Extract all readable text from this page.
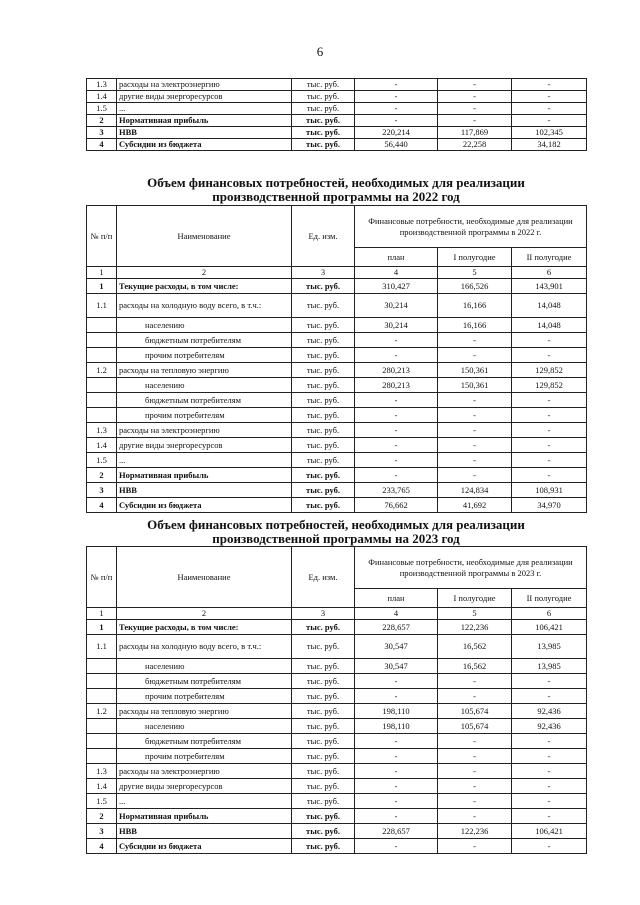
6
1.3	расходы на электроэнергию	тыс. руб.	-	-	-
1.4	другие виды энергоресурсов	тыс. руб.	-	-	-
1.5	...	тыс. руб.	-	-	-
2	Нормативная прибыль	тыс. руб.	-	-	-
3	НВВ	тыс. руб.	220,214	117,869	102,345
4	Субсидии из бюджета	тыс. руб.	56,440	22,258	34,182
Объем финансовых потребностей, необходимых для реализации
производственной программы на 2022 год
№ п/п	Наименование	Ед. изм.	Финансовые потребности, необходимые для реализации производственной программы в 2022 г.		
			план	I полугодие	II полугодие
1	2	3	4	5	6
1	Текущие расходы, в том числе:	тыс. руб.	310,427	166,526	143,901
1.1	расходы на холодную воду всего, в т.ч.:	тыс. руб.	30,214	16,166	14,048
	населению	тыс. руб.	30,214	16,166	14,048
	бюджетным потребителям	тыс. руб.	-	-	-
	прочим потребителям	тыс. руб.	-	-	-
1.2	расходы на тепловую энергию	тыс. руб.	280,213	150,361	129,852
	населению	тыс. руб.	280,213	150,361	129,852
	бюджетным потребителям	тыс. руб.	-	-	-
	прочим потребителям	тыс. руб.	-	-	-
1.3	расходы на электроэнергию	тыс. руб.	-	-	-
1.4	другие виды энергоресурсов	тыс. руб.	-	-	-
1.5	...	тыс. руб.	-	-	-
2	Нормативная прибыль	тыс. руб.	-	-	-
3	НВВ	тыс. руб.	233,765	124,834	108,931
4	Субсидии из бюджета	тыс. руб.	76,662	41,692	34,970
Объем финансовых потребностей, необходимых для реализации
производственной программы на 2023 год
№ п/п	Наименование	Ед. изм.	Финансовые потребности, необходимые для реализации производственной программы в 2023 г.		
			план	I полугодие	II полугодие
1	2	3	4	5	6
1	Текущие расходы, в том числе:	тыс. руб.	228,657	122,236	106,421
1.1	расходы на холодную воду всего, в т.ч.:	тыс. руб.	30,547	16,562	13,985
	населению	тыс. руб.	30,547	16,562	13,985
	бюджетным потребителям	тыс. руб.	-	-	-
	прочим потребителям	тыс. руб.	-	-	-
1.2	расходы на тепловую энергию	тыс. руб.	198,110	105,674	92,436
	населению	тыс. руб.	198,110	105,674	92,436
	бюджетным потребителям	тыс. руб.	-	-	-
	прочим потребителям	тыс. руб.	-	-	-
1.3	расходы на электроэнергию	тыс. руб.	-	-	-
1.4	другие виды энергоресурсов	тыс. руб.	-	-	-
1.5	...	тыс. руб.	-	-	-
2	Нормативная прибыль	тыс. руб.	-	-	-
3	НВВ	тыс. руб.	228,657	122,236	106,421
4	Субсидии из бюджета	тыс. руб.	-	-	-
